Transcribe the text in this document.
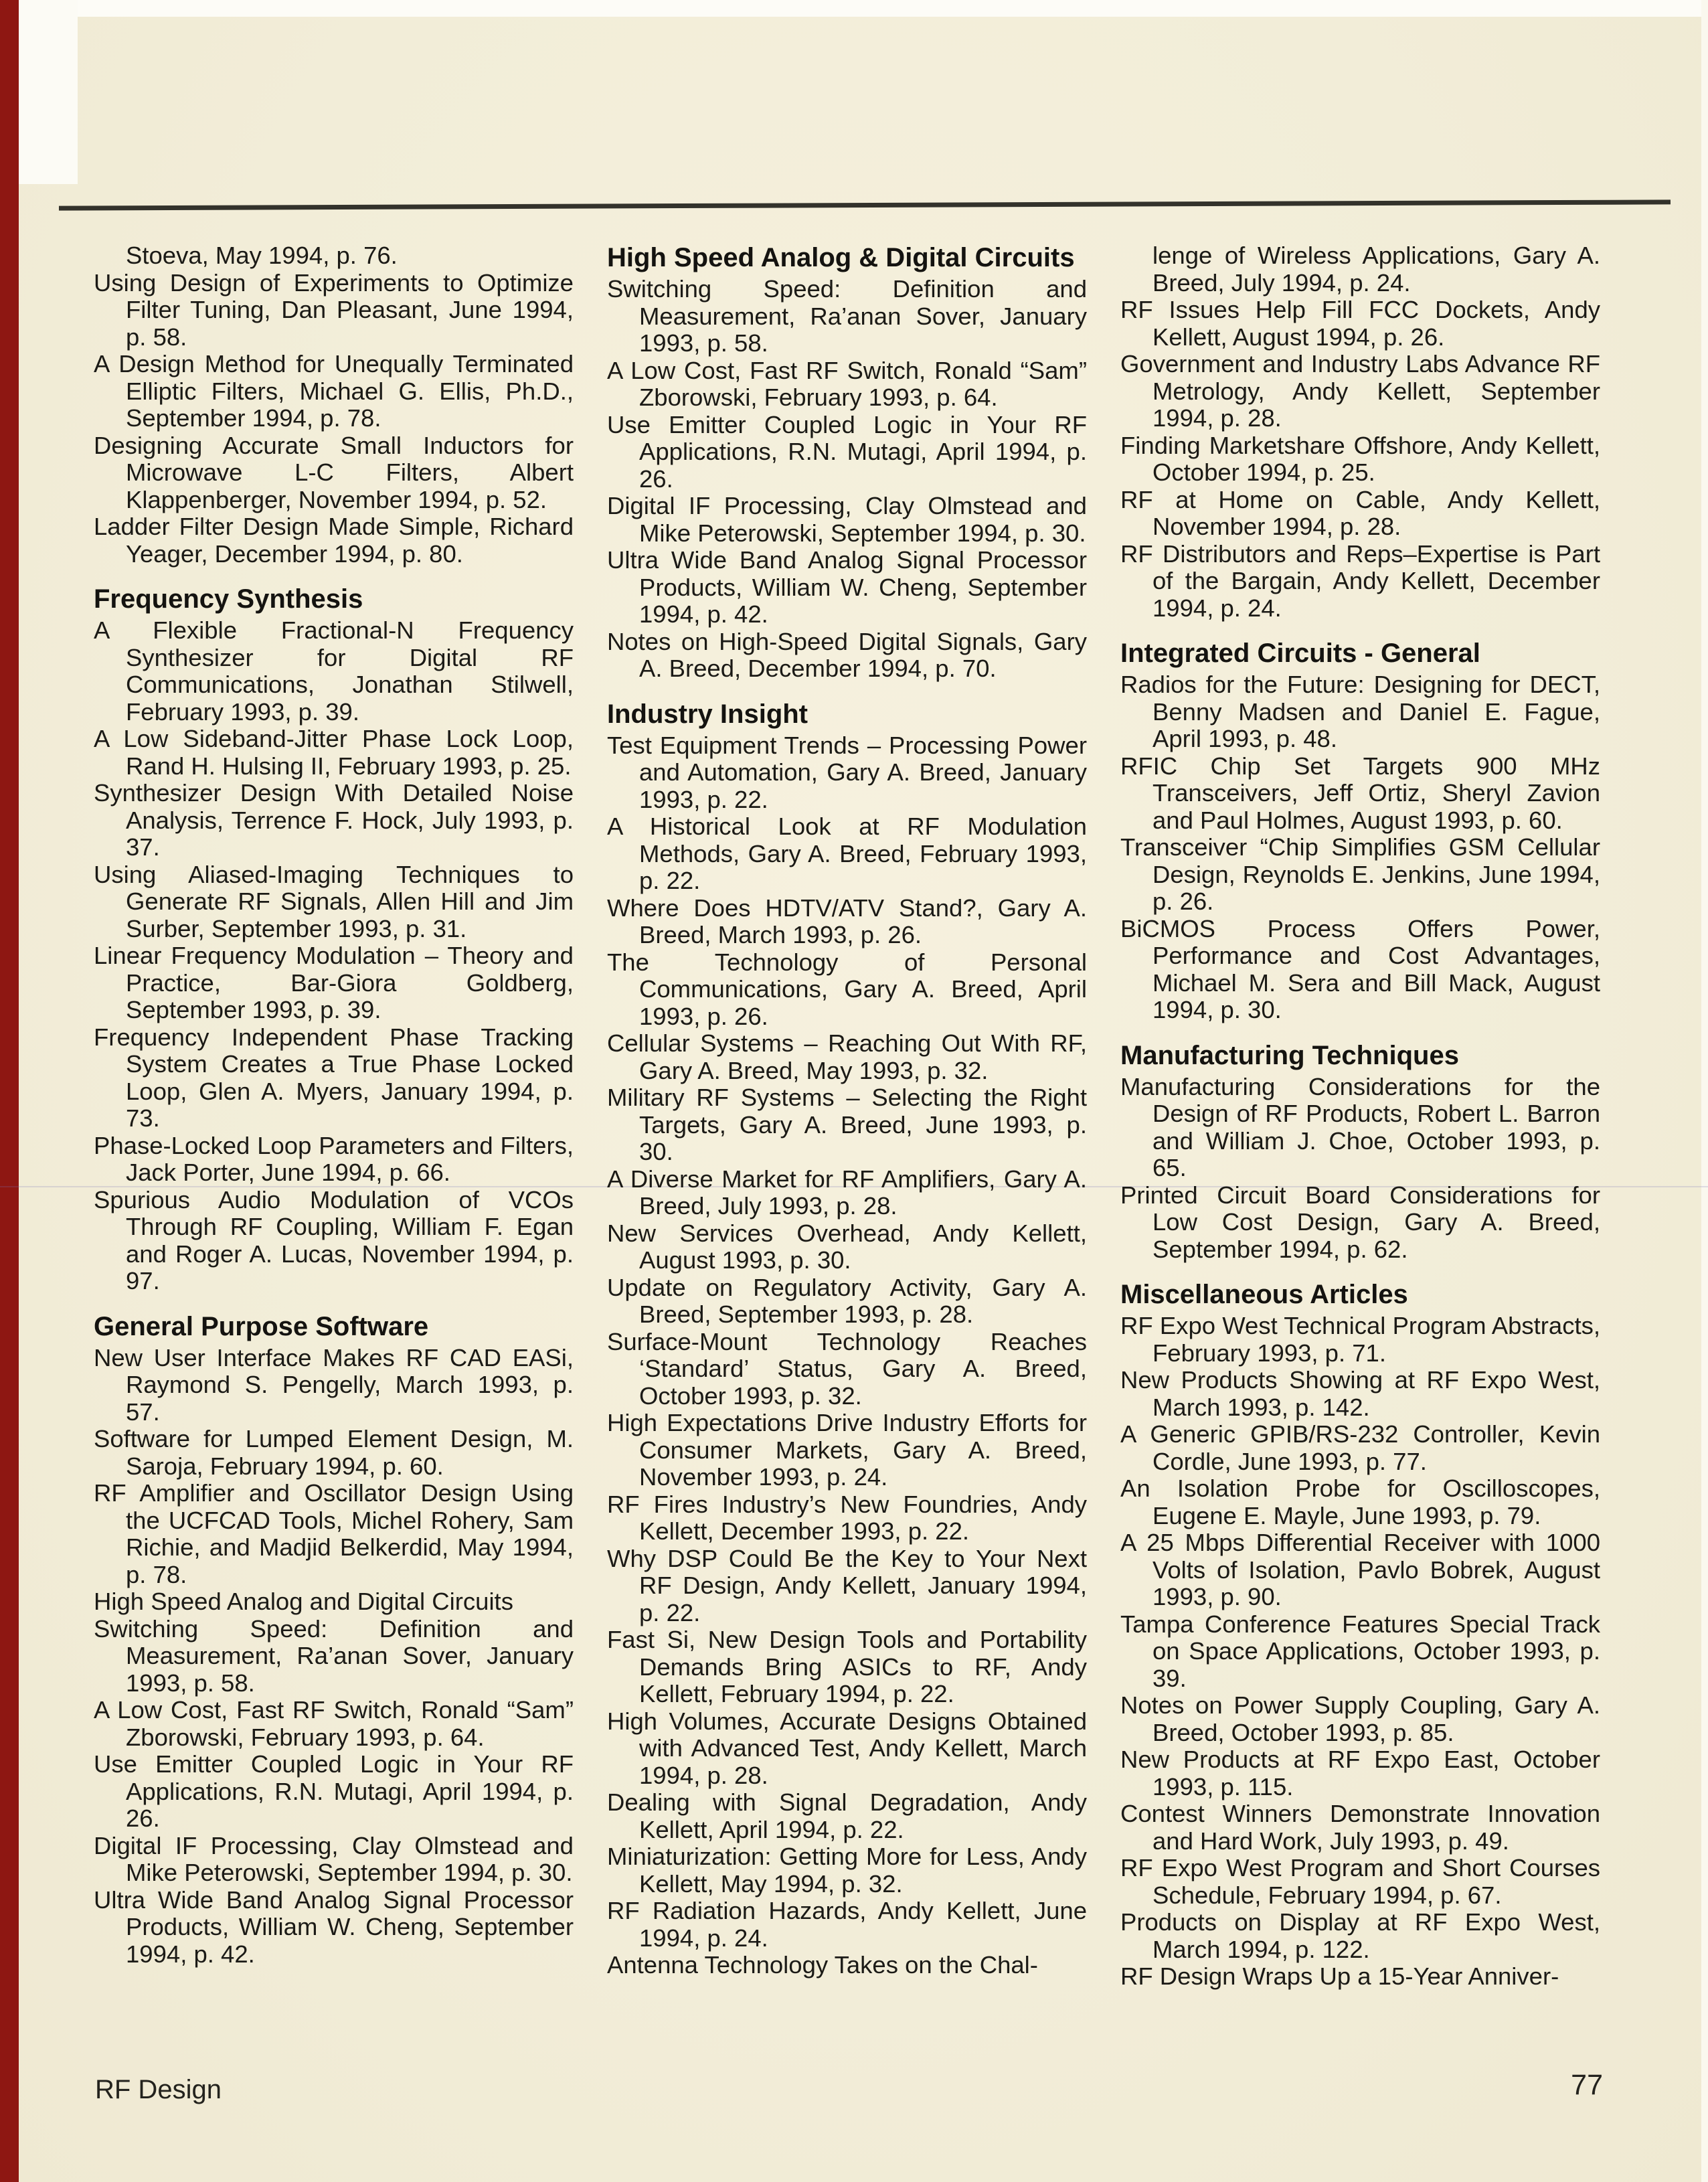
Stoeva, May 1994, p. 76.

Using Design of Experiments to Optimize Filter Tuning, Dan Pleasant, June 1994, p. 58.

A Design Method for Unequally Terminated Elliptic Filters, Michael G. Ellis, Ph.D., September 1994, p. 78.

Designing Accurate Small Inductors for Microwave L-C Filters, Albert Klappenberger, November 1994, p. 52.

Ladder Filter Design Made Simple, Richard Yeager, December 1994, p. 80.

Frequency Synthesis

A Flexible Fractional-N Frequency Synthesizer for Digital RF Communications, Jonathan Stilwell, February 1993, p. 39.

A Low Sideband-Jitter Phase Lock Loop, Rand H. Hulsing II, February 1993, p. 25.

Synthesizer Design With Detailed Noise Analysis, Terrence F. Hock, July 1993, p. 37.

Using Aliased-Imaging Techniques to Generate RF Signals, Allen Hill and Jim Surber, September 1993, p. 31.

Linear Frequency Modulation – Theory and Practice, Bar-Giora Goldberg, September 1993, p. 39.

Frequency Independent Phase Tracking System Creates a True Phase Locked Loop, Glen A. Myers, January 1994, p. 73.

Phase-Locked Loop Parameters and Filters, Jack Porter, June 1994, p. 66.

Spurious Audio Modulation of VCOs Through RF Coupling, William F. Egan and Roger A. Lucas, November 1994, p. 97.

General Purpose Software

New User Interface Makes RF CAD EASi, Raymond S. Pengelly, March 1993, p. 57.

Software for Lumped Element Design, M. Saroja, February 1994, p. 60.

RF Amplifier and Oscillator Design Using the UCFCAD Tools, Michel Rohery, Sam Richie, and Madjid Belkerdid, May 1994, p. 78.

High Speed Analog and Digital Circuits

Switching Speed: Definition and Measurement, Ra’anan Sover, January 1993, p. 58.

A Low Cost, Fast RF Switch, Ronald “Sam” Zborowski, February 1993, p. 64.

Use Emitter Coupled Logic in Your RF Applications, R.N. Mutagi, April 1994, p. 26.

Digital IF Processing, Clay Olmstead and Mike Peterowski, September 1994, p. 30.

Ultra Wide Band Analog Signal Processor Products, William W. Cheng, September 1994, p. 42.

High Speed Analog & Digital Circuits

Switching Speed: Definition and Measurement, Ra’anan Sover, January 1993, p. 58.

A Low Cost, Fast RF Switch, Ronald “Sam” Zborowski, February 1993, p. 64.

Use Emitter Coupled Logic in Your RF Applications, R.N. Mutagi, April 1994, p. 26.

Digital IF Processing, Clay Olmstead and Mike Peterowski, September 1994, p. 30.

Ultra Wide Band Analog Signal Processor Products, William W. Cheng, September 1994, p. 42.

Notes on High-Speed Digital Signals, Gary A. Breed, December 1994, p. 70.

Industry Insight

Test Equipment Trends – Processing Power and Automation, Gary A. Breed, January 1993, p. 22.

A Historical Look at RF Modulation Methods, Gary A. Breed, February 1993, p. 22.

Where Does HDTV/ATV Stand?, Gary A. Breed, March 1993, p. 26.

The Technology of Personal Communications, Gary A. Breed, April 1993, p. 26.

Cellular Systems – Reaching Out With RF, Gary A. Breed, May 1993, p. 32.

Military RF Systems – Selecting the Right Targets, Gary A. Breed, June 1993, p. 30.

A Diverse Market for RF Amplifiers, Gary A. Breed, July 1993, p. 28.

New Services Overhead, Andy Kellett, August 1993, p. 30.

Update on Regulatory Activity, Gary A. Breed, September 1993, p. 28.

Surface-Mount Technology Reaches ‘Standard’ Status, Gary A. Breed, October 1993, p. 32.

High Expectations Drive Industry Efforts for Consumer Markets, Gary A. Breed, November 1993, p. 24.

RF Fires Industry’s New Foundries, Andy Kellett, December 1993, p. 22.

Why DSP Could Be the Key to Your Next RF Design, Andy Kellett, January 1994, p. 22.

Fast Si, New Design Tools and Portability Demands Bring ASICs to RF, Andy Kellett, February 1994, p. 22.

High Volumes, Accurate Designs Obtained with Advanced Test, Andy Kellett, March 1994, p. 28.

Dealing with Signal Degradation, Andy Kellett, April 1994, p. 22.

Miniaturization: Getting More for Less, Andy Kellett, May 1994, p. 32.

RF Radiation Hazards, Andy Kellett, June 1994, p. 24.

Antenna Technology Takes on the Chal-

lenge of Wireless Applications, Gary A. Breed, July 1994, p. 24.

RF Issues Help Fill FCC Dockets, Andy Kellett, August 1994, p. 26.

Government and Industry Labs Advance RF Metrology, Andy Kellett, September 1994, p. 28.

Finding Marketshare Offshore, Andy Kellett, October 1994, p. 25.

RF at Home on Cable, Andy Kellett, November 1994, p. 28.

RF Distributors and Reps–Expertise is Part of the Bargain, Andy Kellett, December 1994, p. 24.

Integrated Circuits - General

Radios for the Future: Designing for DECT, Benny Madsen and Daniel E. Fague, April 1993, p. 48.

RFIC Chip Set Targets 900 MHz Transceivers, Jeff Ortiz, Sheryl Zavion and Paul Holmes, August 1993, p. 60.

Transceiver “Chip Simplifies GSM Cellular Design, Reynolds E. Jenkins, June 1994, p. 26.

BiCMOS Process Offers Power, Performance and Cost Advantages, Michael M. Sera and Bill Mack, August 1994, p. 30.

Manufacturing Techniques

Manufacturing Considerations for the Design of RF Products, Robert L. Barron and William J. Choe, October 1993, p. 65.

Printed Circuit Board Considerations for Low Cost Design, Gary A. Breed, September 1994, p. 62.

Miscellaneous Articles

RF Expo West Technical Program Abstracts, February 1993, p. 71.

New Products Showing at RF Expo West, March 1993, p. 142.

A Generic GPIB/RS-232 Controller, Kevin Cordle, June 1993, p. 77.

An Isolation Probe for Oscilloscopes, Eugene E. Mayle, June 1993, p. 79.

A 25 Mbps Differential Receiver with 1000 Volts of Isolation, Pavlo Bobrek, August 1993, p. 90.

Tampa Conference Features Special Track on Space Applications, October 1993, p. 39.

Notes on Power Supply Coupling, Gary A. Breed, October 1993, p. 85.

New Products at RF Expo East, October 1993, p. 115.

Contest Winners Demonstrate Innovation and Hard Work, July 1993, p. 49.

RF Expo West Program and Short Courses Schedule, February 1994, p. 67.

Products on Display at RF Expo West, March 1994, p. 122.

RF Design Wraps Up a 15-Year Anniver-

RF Design	77
